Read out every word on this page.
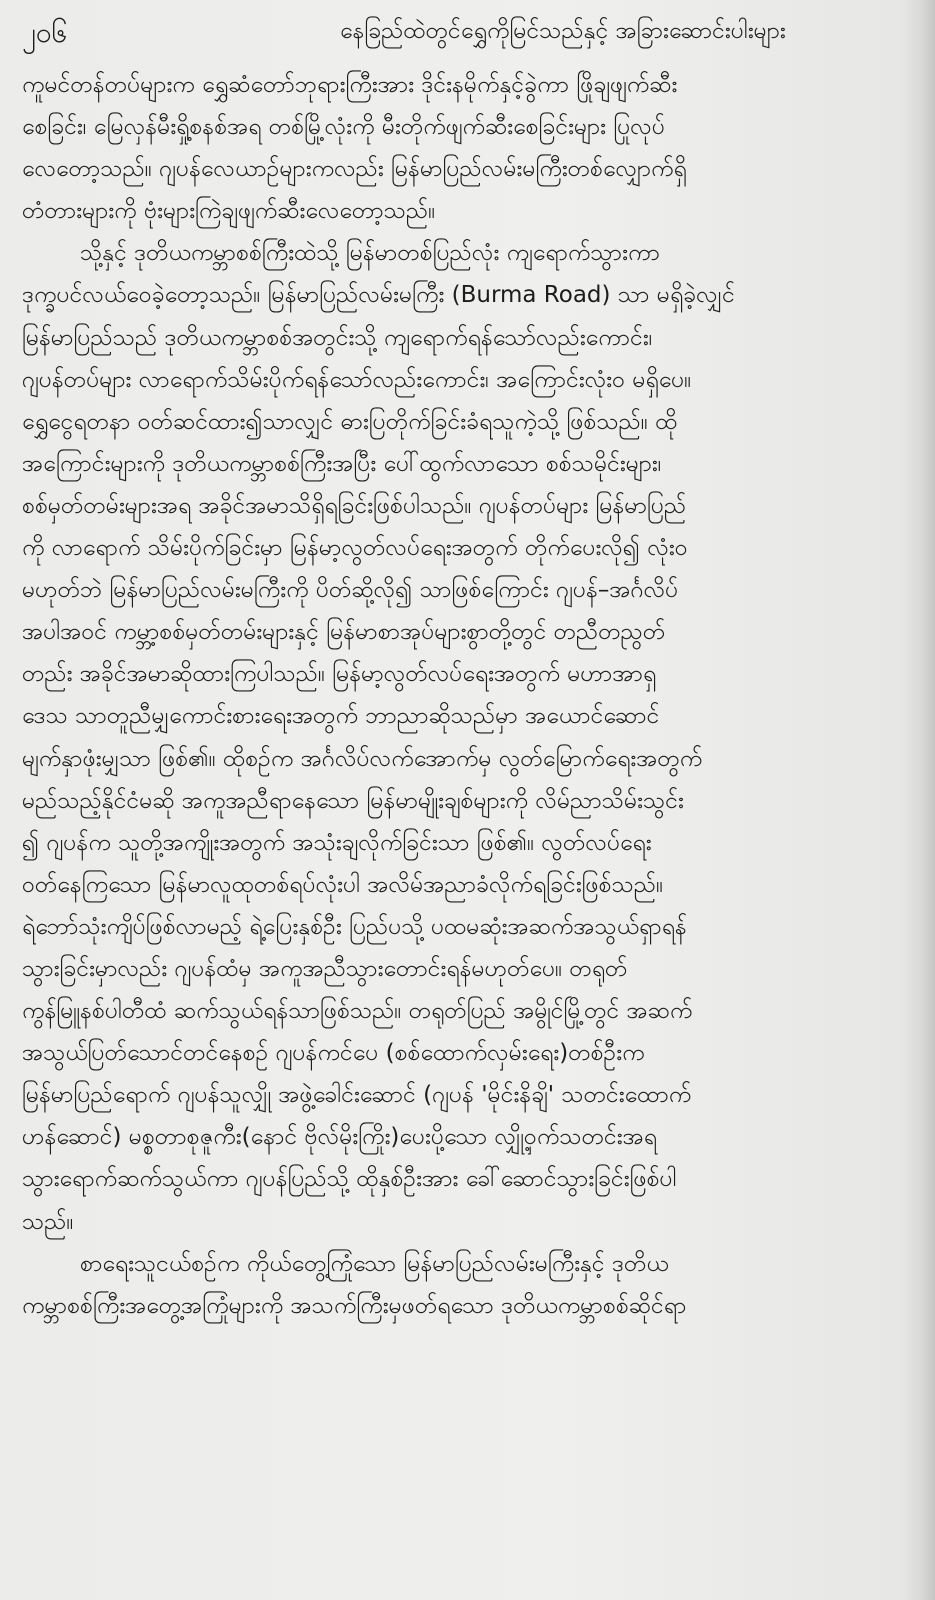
၂၀၆	နေခြည်ထဲတွင်ရွှေကိုမြင်သည်နှင့် အခြားဆောင်းပါးများ
ကူမင်တန်တပ်များက ရွှေဆံတော်ဘုရားကြီးအား ဒိုင်းနမိုက်နှင့်ခွဲကာ ဖြိုချဖျက်ဆီး
စေခြင်း၊ မြေလှန်မီးရှို့စနစ်အရ တစ်မြို့လုံးကို မီးတိုက်ဖျက်ဆီးစေခြင်းများ ပြုလုပ်
လေတော့သည်။ ဂျပန်လေယာဉ်များကလည်း မြန်မာပြည်လမ်းမကြီးတစ်လျှောက်ရှိ
တံတားများကို ဗုံးများကြဲချဖျက်ဆီးလေတော့သည်။
သို့နှင့် ဒုတိယကမ္ဘာစစ်ကြီးထဲသို့ မြန်မာတစ်ပြည်လုံး ကျရောက်သွားကာ
ဒုက္ခပင်လယ်ဝေခဲ့တော့သည်။ မြန်မာပြည်လမ်းမကြီး (Burma Road) သာ မရှိခဲ့လျှင်
မြန်မာပြည်သည် ဒုတိယကမ္ဘာစစ်အတွင်းသို့ ကျရောက်ရန်သော်လည်းကောင်း၊
ဂျပန်တပ်များ လာရောက်သိမ်းပိုက်ရန်သော်လည်းကောင်း၊ အကြောင်းလုံးဝ မရှိပေ။
ရွှေငွေရတနာ ဝတ်ဆင်ထား၍သာလျှင် ဓားပြတိုက်ခြင်းခံရသူကဲ့သို့ ဖြစ်သည်။ ထို
အကြောင်းများကို ဒုတိယကမ္ဘာစစ်ကြီးအပြီး ပေါ်ထွက်လာသော စစ်သမိုင်းများ၊
စစ်မှတ်တမ်းများအရ အခိုင်အမာသိရှိရခြင်းဖြစ်ပါသည်။ ဂျပန်တပ်များ မြန်မာပြည်
ကို လာရောက် သိမ်းပိုက်ခြင်းမှာ မြန်မာ့လွတ်လပ်ရေးအတွက် တိုက်ပေးလို၍ လုံးဝ
မဟုတ်ဘဲ မြန်မာပြည်လမ်းမကြီးကို ပိတ်ဆို့လို၍ သာဖြစ်ကြောင်း ဂျပန်–အင်္ဂလိပ်
အပါအဝင် ကမ္ဘာ့စစ်မှတ်တမ်းများနှင့် မြန်မာစာအုပ်များစွာတို့တွင် တညီတညွတ်
တည်း အခိုင်အမာဆိုထားကြပါသည်။ မြန်မာ့လွတ်လပ်ရေးအတွက် မဟာအာရှ
ဒေသ သာတူညီမျှကောင်းစားရေးအတွက် ဘာညာဆိုသည်မှာ အယောင်ဆောင်
မျက်နှာဖုံးမျှသာ ဖြစ်၏။ ထိုစဉ်က အင်္ဂလိပ်လက်အောက်မှ လွတ်မြောက်ရေးအတွက်
မည်သည့်နိုင်ငံမဆို အကူအညီရာနေသော မြန်မာမျိုးချစ်များကို လိမ်ညာသိမ်းသွင်း
၍ ဂျပန်က သူတို့အကျိုးအတွက် အသုံးချလိုက်ခြင်းသာ ဖြစ်၏။ လွတ်လပ်ရေး
ဝတ်နေကြသော မြန်မာလူထုတစ်ရပ်လုံးပါ အလိမ်အညာခံလိုက်ရခြင်းဖြစ်သည်။
ရဲဘော်သုံးကျိပ်ဖြစ်လာမည့် ရဲ့ပြေးနှစ်ဦး ပြည်ပသို့ ပထမဆုံးအဆက်အသွယ်ရှာရန်
သွားခြင်းမှာလည်း ဂျပန်ထံမှ အကူအညီသွားတောင်းရန်မဟုတ်ပေ။ တရုတ်
ကွန်မြူနစ်ပါတီထံ ဆက်သွယ်ရန်သာဖြစ်သည်။ တရုတ်ပြည် အမွိုင်မြို့တွင် အဆက်
အသွယ်ပြတ်သောင်တင်နေစဉ် ဂျပန်ကင်ပေ (စစ်ထောက်လှမ်းရေး)တစ်ဦးက
မြန်မာပြည်ရောက် ဂျပန်သူလျှို အဖွဲ့ခေါင်းဆောင် (ဂျပန် 'မိုင်းနိချိ' သတင်းထောက်
ဟန်ဆောင်) မစ္စတာစုဇူကီး(နောင် ဗိုလ်မိုးကြိုး)ပေးပို့သော လျှို့ဝှက်သတင်းအရ
သွားရောက်ဆက်သွယ်ကာ ဂျပန်ပြည်သို့ ထိုနှစ်ဦးအား ခေါ်ဆောင်သွားခြင်းဖြစ်ပါ
သည်။
စာရေးသူငယ်စဉ်က ကိုယ်တွေ့ကြုံသော မြန်မာပြည်လမ်းမကြီးနှင့် ဒုတိယ
ကမ္ဘာစစ်ကြီးအတွေ့အကြုံများကို အသက်ကြီးမှဖတ်ရသော ဒုတိယကမ္ဘာစစ်ဆိုင်ရာ
